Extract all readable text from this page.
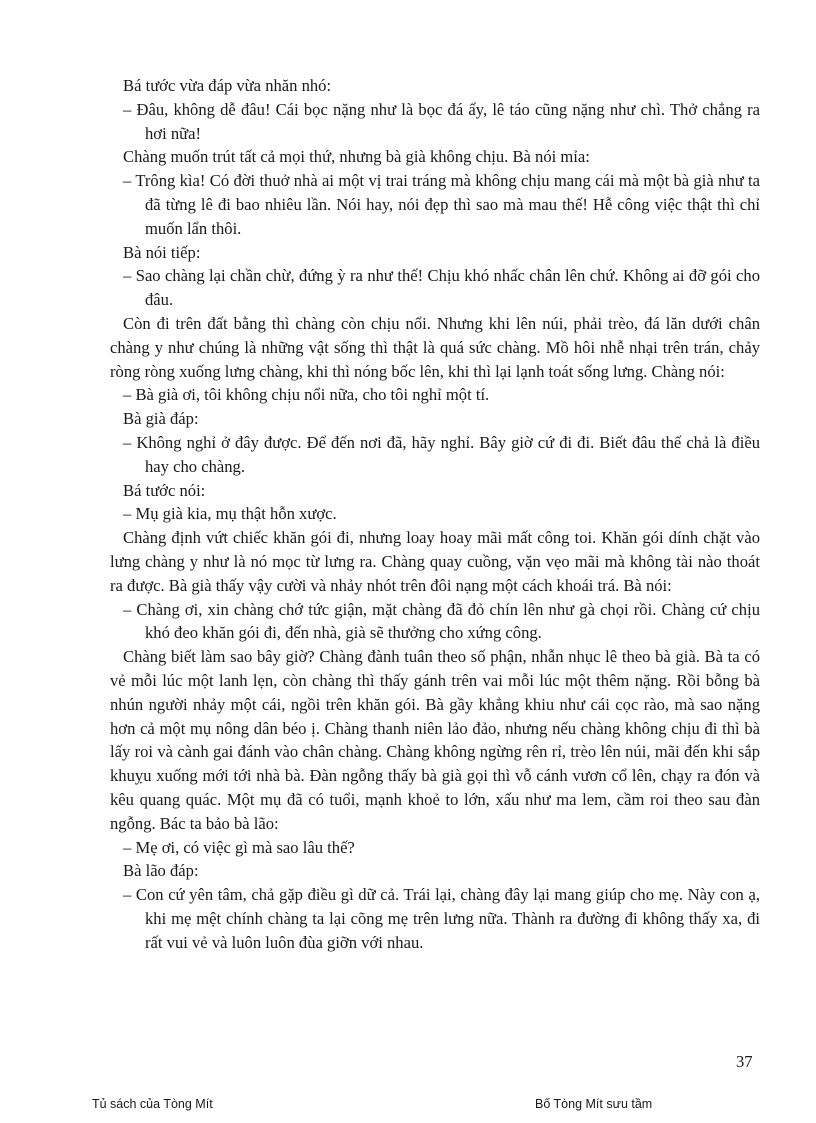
Bá tước vừa đáp vừa nhăn nhó:

– Đâu, không dễ đâu! Cái bọc nặng như là bọc đá ấy, lê táo cũng nặng như chì. Thở chẳng ra hơi nữa!

Chàng muốn trút tất cả mọi thứ, nhưng bà già không chịu. Bà nói mỉa:

– Trông kìa! Có đời thuở nhà ai một vị trai tráng mà không chịu mang cái mà một bà già như ta đã từng lê đi bao nhiêu lần. Nói hay, nói đẹp thì sao mà mau thế! Hễ công việc thật thì chỉ muốn lẩn thôi.

Bà nói tiếp:

– Sao chàng lại chần chừ, đứng ỳ ra như thế! Chịu khó nhấc chân lên chứ. Không ai đỡ gói cho đâu.

Còn đi trên đất bằng thì chàng còn chịu nổi. Nhưng khi lên núi, phải trèo, đá lăn dưới chân chàng y như chúng là những vật sống thì thật là quá sức chàng. Mồ hôi nhễ nhại trên trán, chảy ròng ròng xuống lưng chàng, khi thì nóng bốc lên, khi thì lại lạnh toát sống lưng. Chàng nói:

– Bà già ơi, tôi không chịu nổi nữa, cho tôi nghỉ một tí.

Bà già đáp:

– Không nghỉ ở đây được. Để đến nơi đã, hãy nghỉ. Bây giờ cứ đi đi. Biết đâu thế chả là điều hay cho chàng.

Bá tước nói:

– Mụ già kia, mụ thật hỗn xược.

Chàng định vứt chiếc khăn gói đi, nhưng loay hoay mãi mất công toi. Khăn gói dính chặt vào lưng chàng y như là nó mọc từ lưng ra. Chàng quay cuồng, vặn vẹo mãi mà không tài nào thoát ra được. Bà già thấy vậy cười và nhảy nhót trên đôi nạng một cách khoái trá. Bà nói:

– Chàng ơi, xin chàng chớ tức giận, mặt chàng đã đỏ chín lên như gà chọi rồi. Chàng cứ chịu khó đeo khăn gói đi, đến nhà, già sẽ thưởng cho xứng công.

Chàng biết làm sao bây giờ? Chàng đành tuân theo số phận, nhẫn nhục lê theo bà già. Bà ta có vẻ mỗi lúc một lanh lẹn, còn chàng thì thấy gánh trên vai mỗi lúc một thêm nặng. Rồi bỗng bà nhún người nhảy một cái, ngồi trên khăn gói. Bà gầy khẳng khiu như cái cọc rào, mà sao nặng hơn cả một mụ nông dân béo ị. Chàng thanh niên lảo đảo, nhưng nếu chàng không chịu đi thì bà lấy roi và cành gai đánh vào chân chàng. Chàng không ngừng rên rỉ, trèo lên núi, mãi đến khi sắp khuỵu xuống mới tới nhà bà. Đàn ngỗng thấy bà già gọi thì vỗ cánh vươn cổ lên, chạy ra đón và kêu quang quác. Một mụ đã có tuổi, mạnh khoẻ to lớn, xấu như ma lem, cầm roi theo sau đàn ngỗng. Bác ta bảo bà lão:

– Mẹ ơi, có việc gì mà sao lâu thế?

Bà lão đáp:

– Con cứ yên tâm, chả gặp điều gì dữ cả. Trái lại, chàng đây lại mang giúp cho mẹ. Này con ạ, khi mẹ mệt chính chàng ta lại cõng mẹ trên lưng nữa. Thành ra đường đi không thấy xa, đi rất vui vẻ và luôn luôn đùa giỡn với nhau.

37
Tủ sách của Tòng Mít	Bố Tòng Mít sưu tầm
